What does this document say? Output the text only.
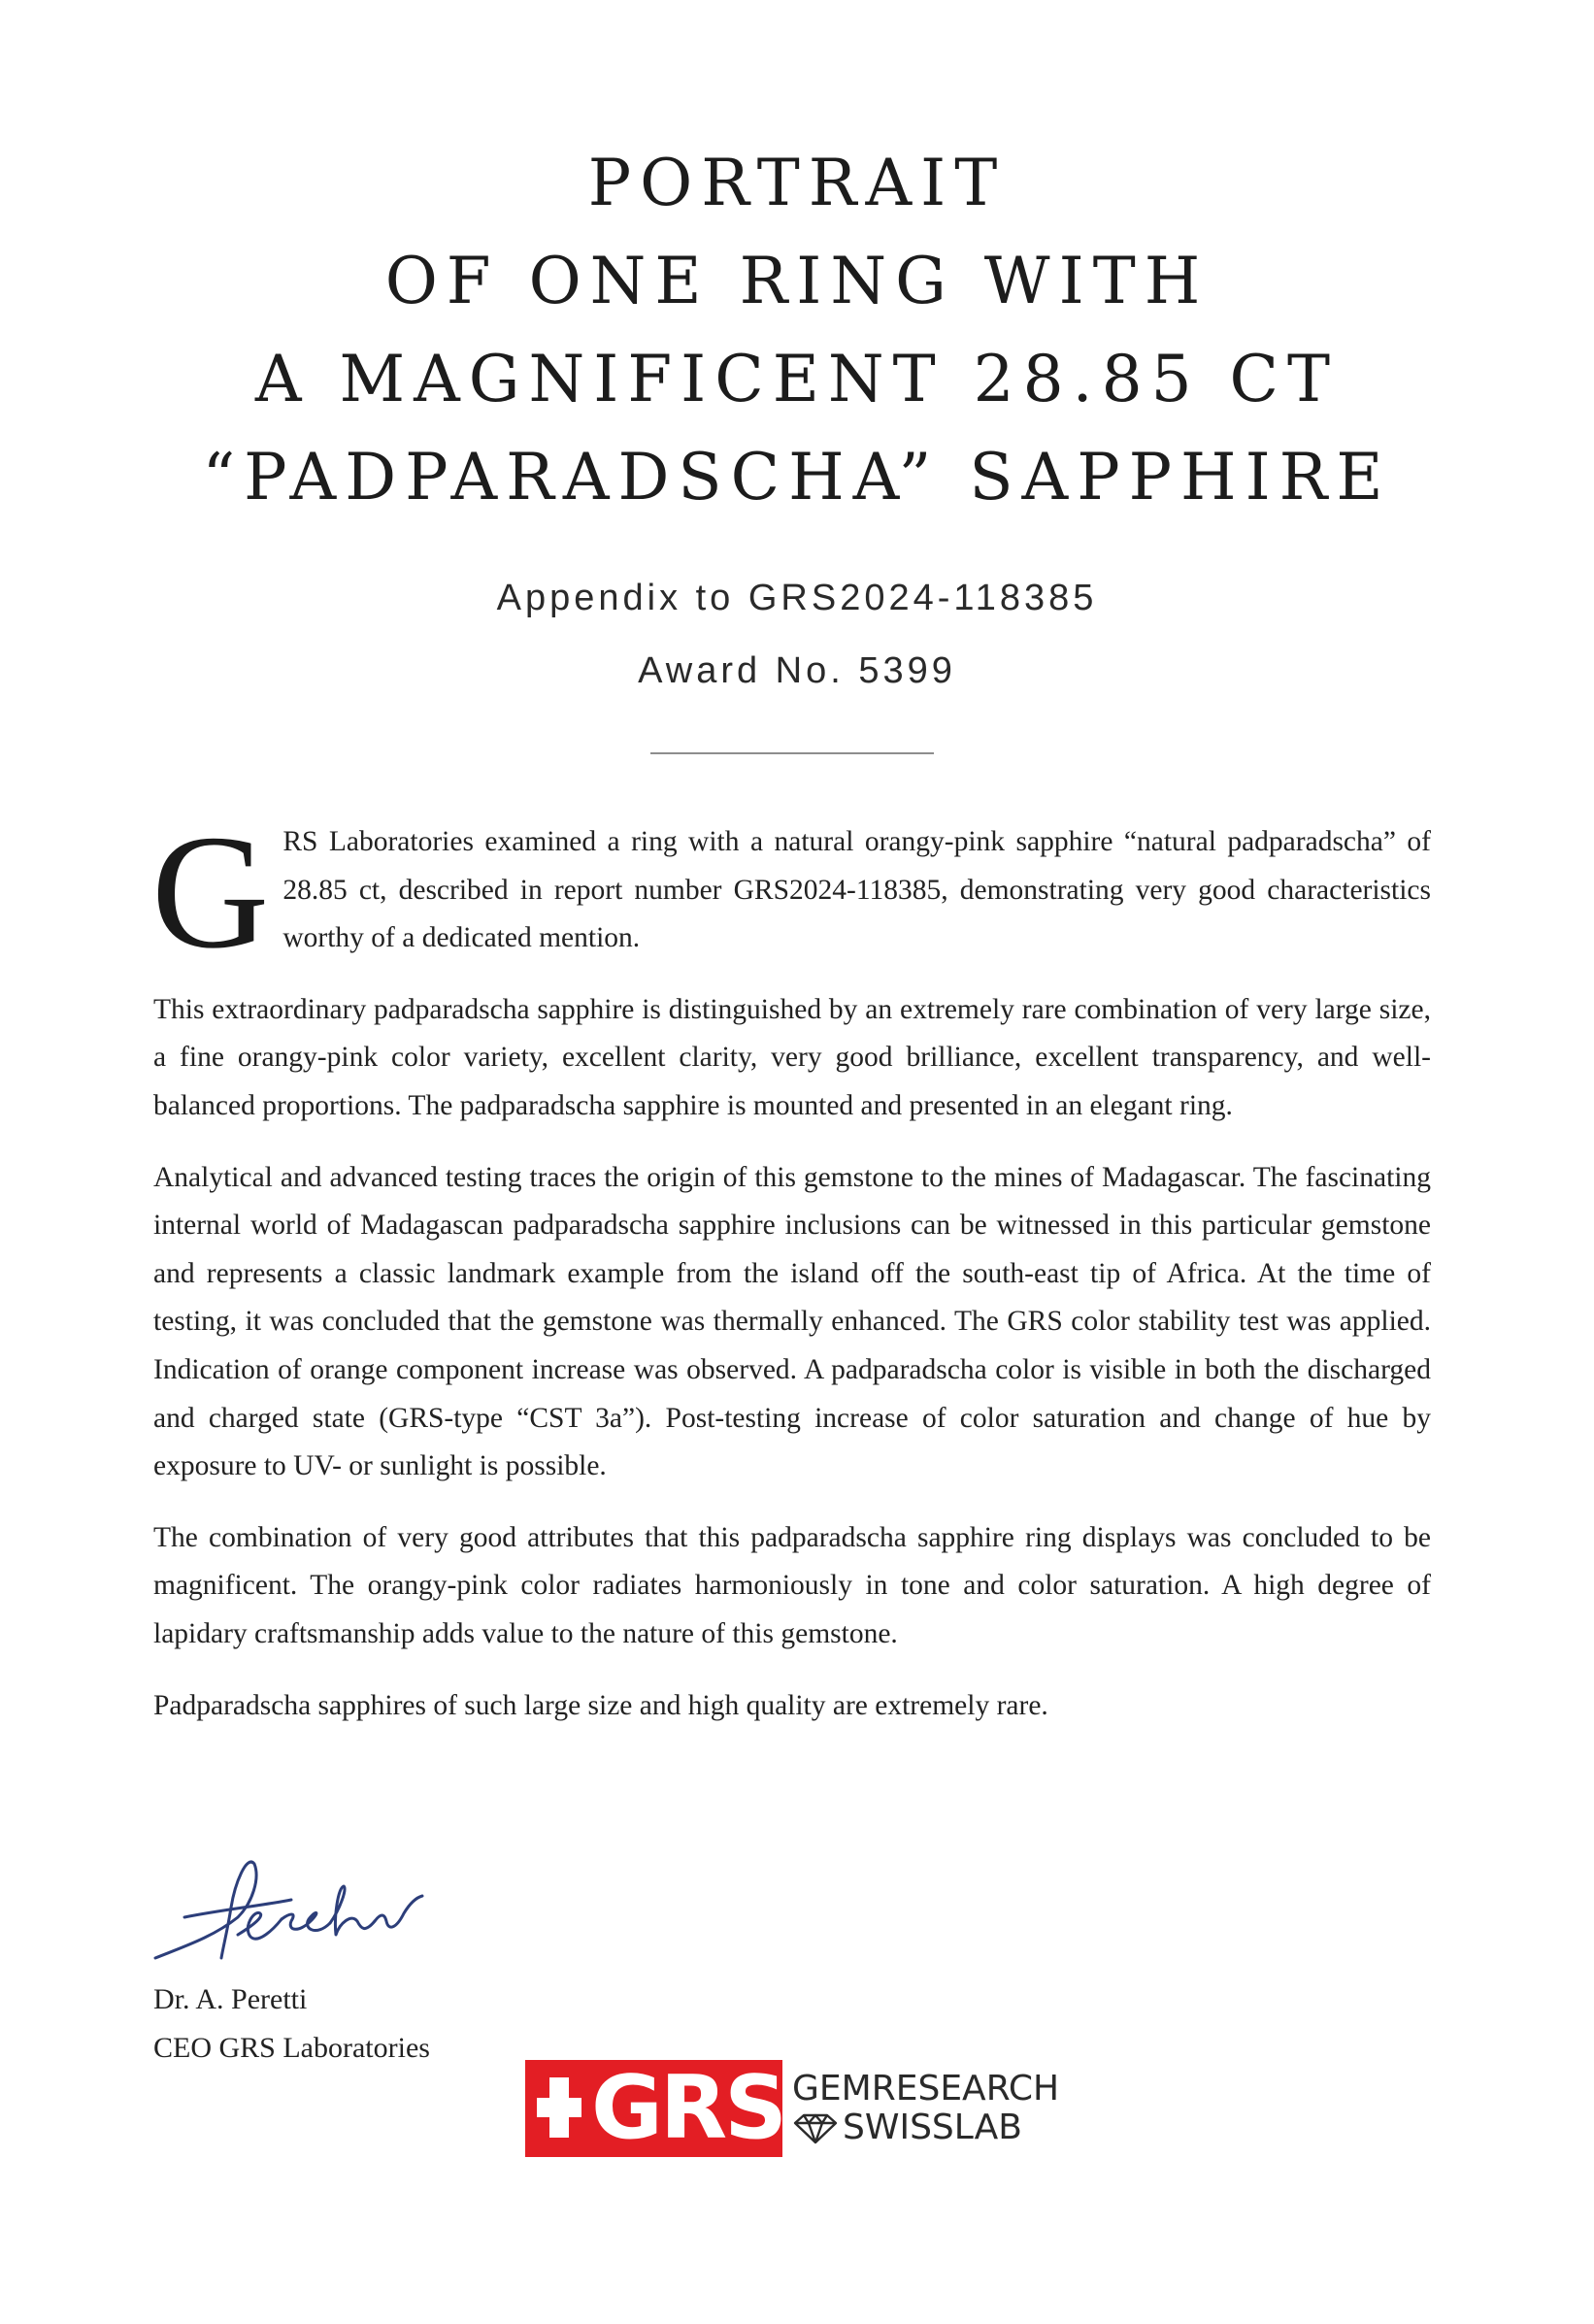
PORTRAIT
OF ONE RING WITH
A MAGNIFICENT 28.85 CT
“PADPARADSCHA” SAPPHIRE
Appendix to GRS2024-118385
Award No. 5399

GRS Laboratories examined a ring with a natural orangy-pink sapphire “natural padparadscha” of 28.85 ct, described in report number GRS2024-118385, demonstrating very good characteristics worthy of a dedicated mention.

This extraordinary padparadscha sapphire is distinguished by an extremely rare combination of very large size, a fine orangy-pink color variety, excellent clarity, very good brilliance, excellent transparency, and well-balanced proportions. The padparadscha sapphire is mounted and presented in an elegant ring.

Analytical and advanced testing traces the origin of this gemstone to the mines of Madagascar. The fascinating internal world of Madagascan padparadscha sapphire inclusions can be witnessed in this particular gemstone and represents a classic landmark example from the island off the south-east tip of Africa. At the time of testing, it was concluded that the gemstone was thermally enhanced. The GRS color stability test was applied. Indication of orange component increase was observed. A padparadscha color is visible in both the discharged and charged state (GRS-type “CST 3a”). Post-testing increase of color saturation and change of hue by exposure to UV- or sunlight is possible.

The combination of very good attributes that this padparadscha sapphire ring displays was concluded to be magnificent. The orangy-pink color radiates harmoniously in tone and color saturation. A high degree of lapidary craftsmanship adds value to the nature of this gemstone.

Padparadscha sapphires of such large size and high quality are extremely rare.

Dr. A. Peretti
CEO GRS Laboratories
GRS GEMRESEARCH
SWISSLAB
